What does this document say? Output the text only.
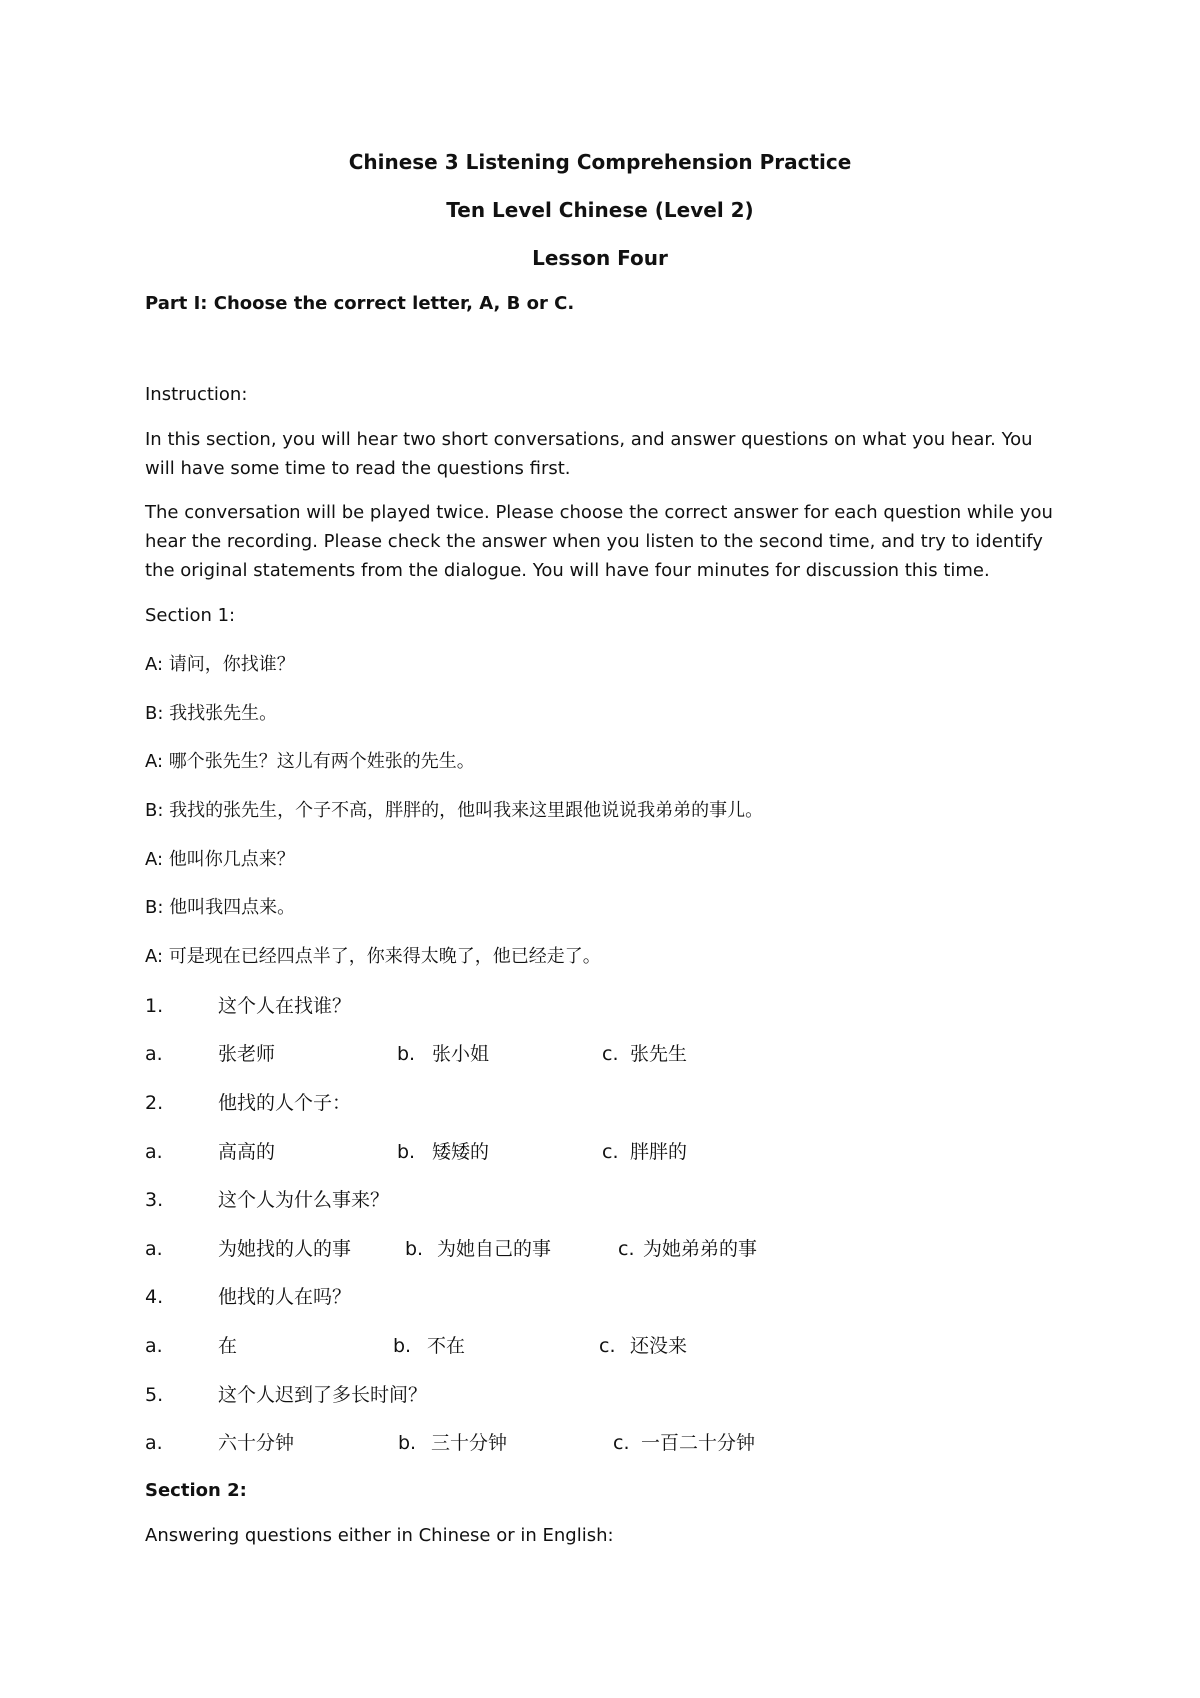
Chinese 3 Listening Comprehension Practice
Ten Level Chinese (Level 2)
Lesson Four

Part I: Choose the correct letter, A, B or C.

Instruction:

In this section, you will hear two short conversations, and answer questions on what you hear. You will have some time to read the questions first.

The conversation will be played twice. Please choose the correct answer for each question while you hear the recording. Please check the answer when you listen to the second time, and try to identify the original statements from the dialogue. You will have four minutes for discussion this time.

Section 1:

A: 请问，你找谁？

B: 我找张先生。

A: 哪个张先生？这儿有两个姓张的先生。

B: 我找的张先生，个子不高，胖胖的，他叫我来这里跟他说说我弟弟的事儿。

A: 他叫你几点来？

B: 他叫我四点来。

A: 可是现在已经四点半了，你来得太晚了，他已经走了。

1.	这个人在找谁？
a.	张老师	b. 张小姐	c. 张先生
2.	他找的人个子：
a.	高高的	b. 矮矮的	c. 胖胖的
3.	这个人为什么事来？
a.	为她找的人的事	b. 为她自己的事	c. 为她弟弟的事
4.	他找的人在吗？
a.	在	b. 不在	c. 还没来
5.	这个人迟到了多长时间？
a.	六十分钟	b. 三十分钟	c. 一百二十分钟

Section 2:

Answering questions either in Chinese or in English:
